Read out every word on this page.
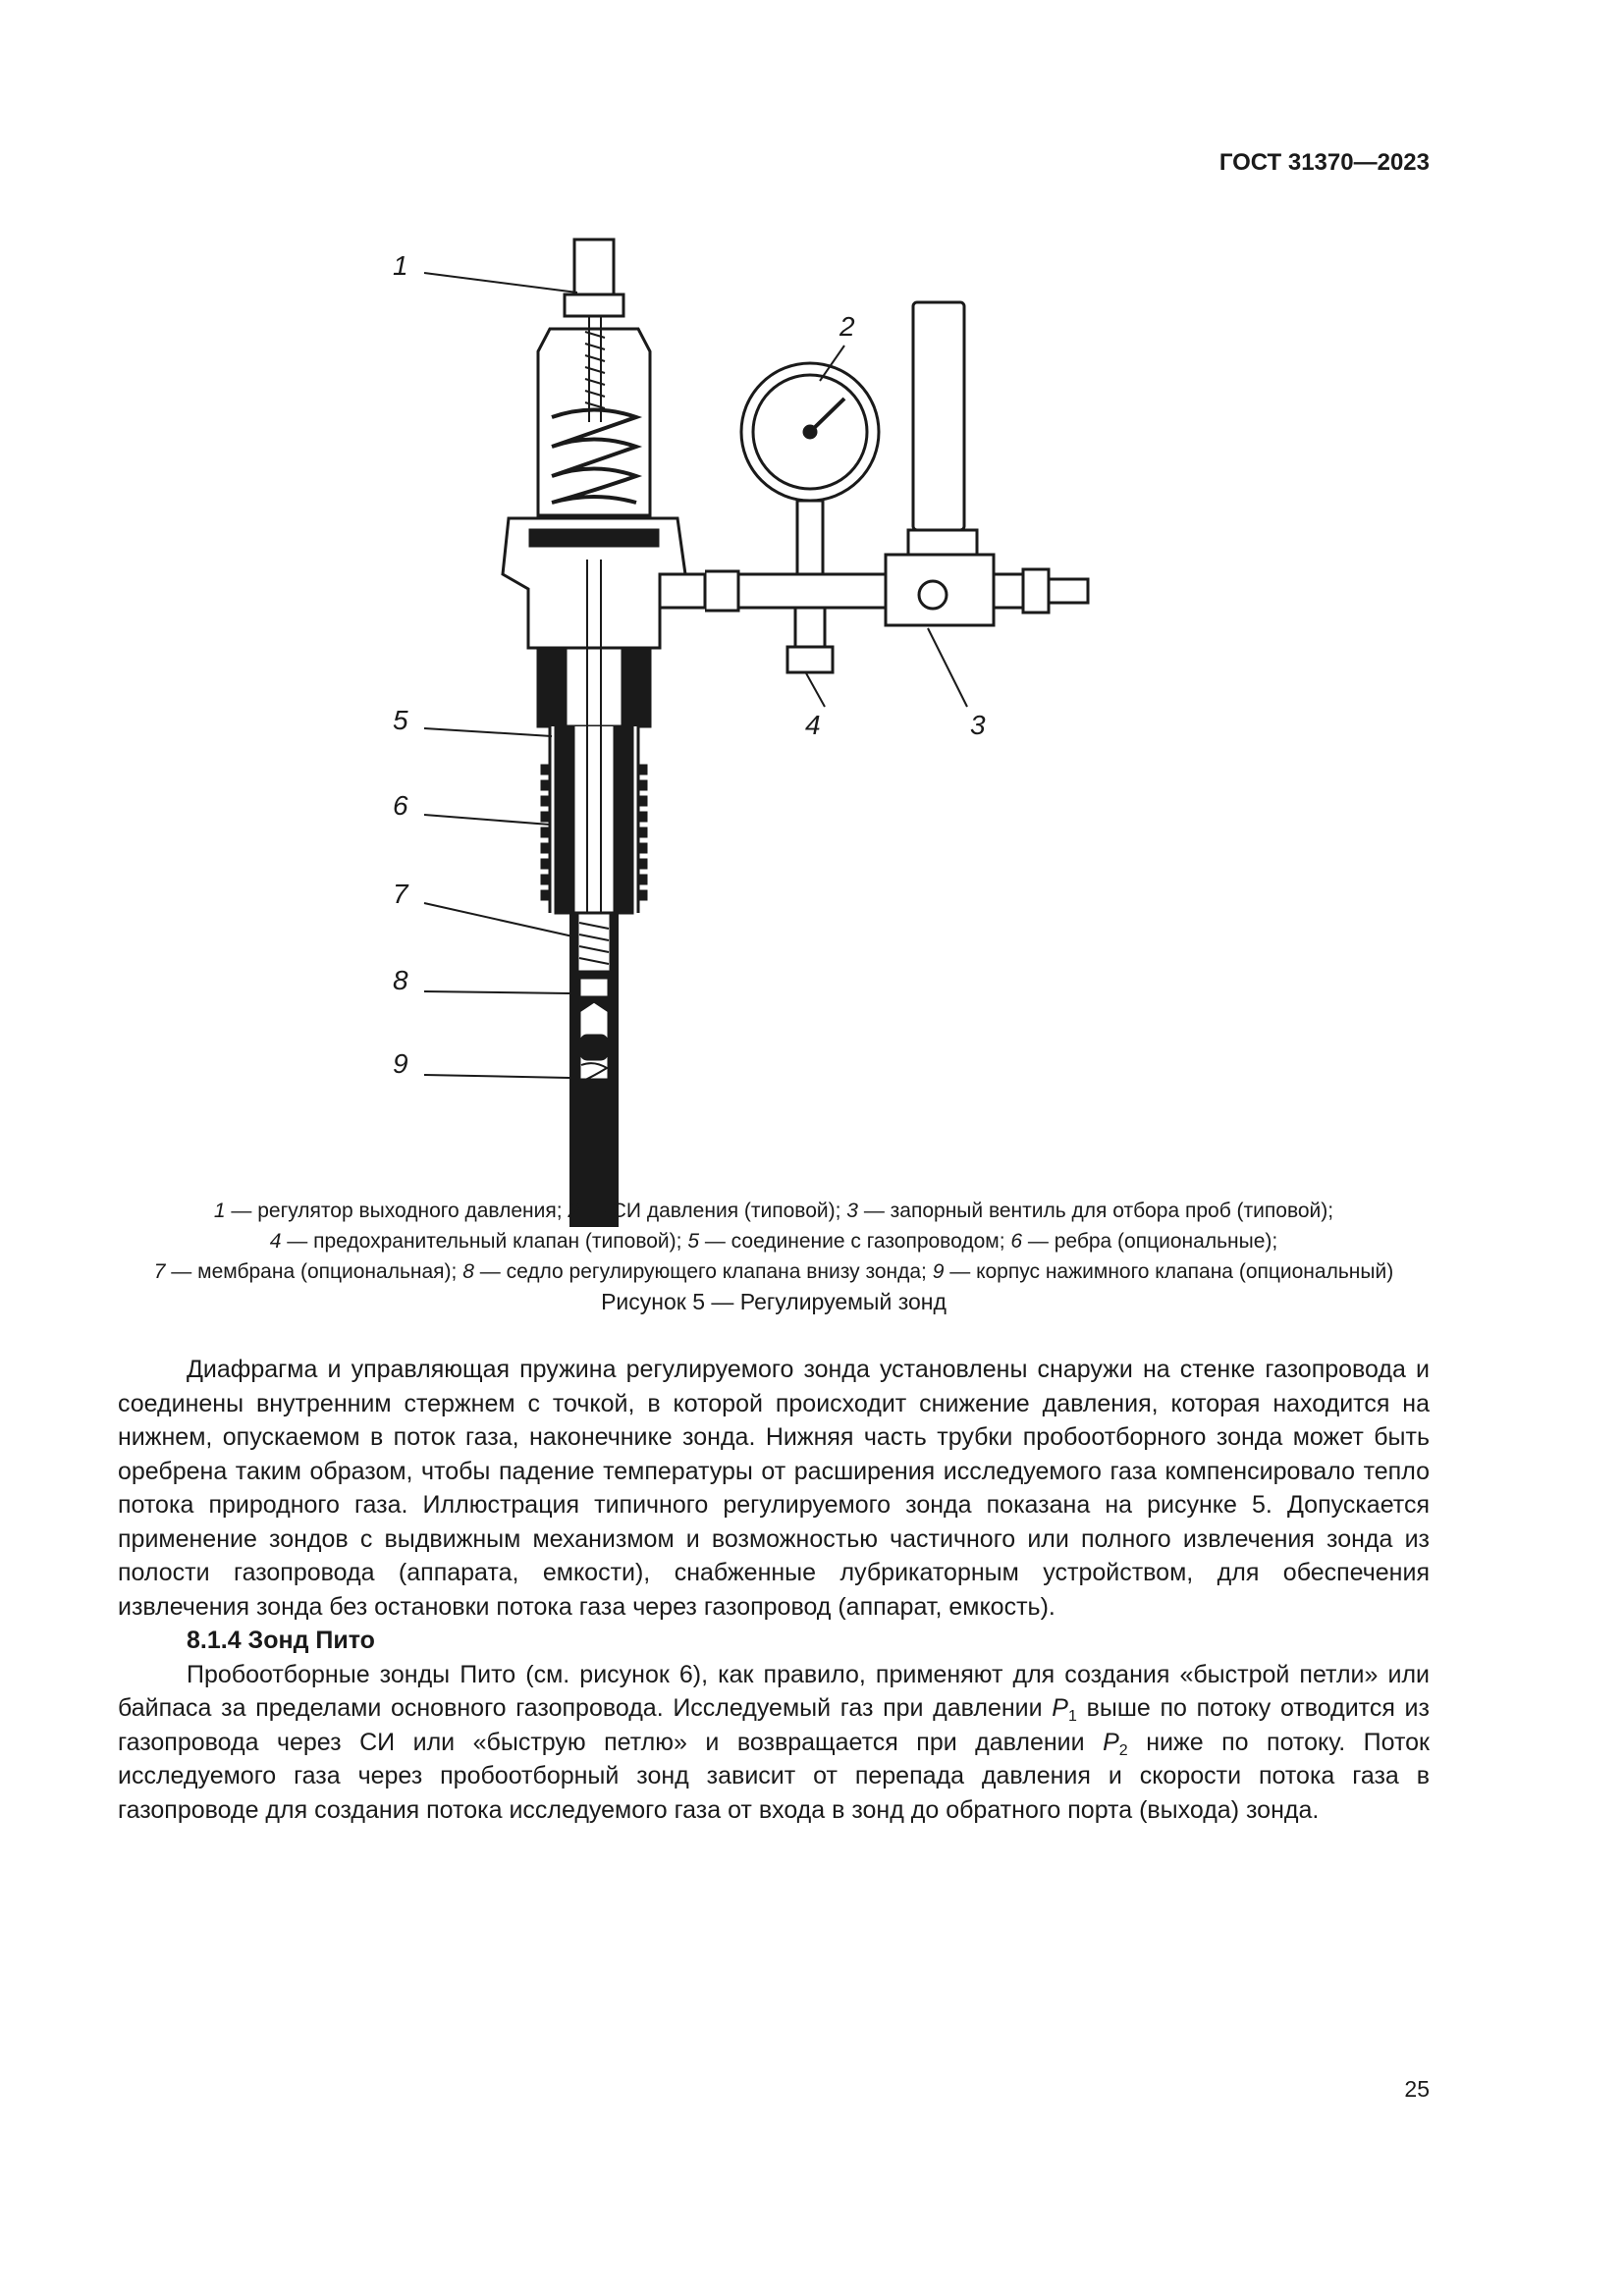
ГОСТ 31370—2023
1
2
3
4
5
6
7
8
9
1 — регулятор выходного давления; 2 — СИ давления (типовой); 3 — запорный вентиль для отбора проб (типовой);
4 — предохранительный клапан (типовой); 5 — соединение с газопроводом; 6 — ребра (опциональные);
7 — мембрана (опциональная); 8 — седло регулирующего клапана внизу зонда; 9 — корпус нажимного клапана (опциональный)
Рисунок 5 — Регулируемый зонд

Диафрагма и управляющая пружина регулируемого зонда установлены снаружи на стенке газопровода и соединены внутренним стержнем с точкой, в которой происходит снижение давления, которая находится на нижнем, опускаемом в поток газа, наконечнике зонда. Нижняя часть трубки пробоотборного зонда может быть оребрена таким образом, чтобы падение температуры от расширения исследуемого газа компенсировало тепло потока природного газа. Иллюстрация типичного регулируемого зонда показана на рисунке 5. Допускается применение зондов с выдвижным механизмом и возможностью частичного или полного извлечения зонда из полости газопровода (аппарата, емкости), снабженные лубрикаторным устройством, для обеспечения извлечения зонда без остановки потока газа через газопровод (аппарат, емкость).

8.1.4 Зонд Пито

Пробоотборные зонды Пито (см. рисунок 6), как правило, применяют для создания «быстрой петли» или байпаса за пределами основного газопровода. Исследуемый газ при давлении $P_1$ выше по потоку отводится из газопровода через СИ или «быструю петлю» и возвращается при давлении $P_2$ ниже по потоку. Поток исследуемого газа через пробоотборный зонд зависит от перепада давления и скорости потока газа в газопроводе для создания потока исследуемого газа от входа в зонд до обратного порта (выхода) зонда.

25
